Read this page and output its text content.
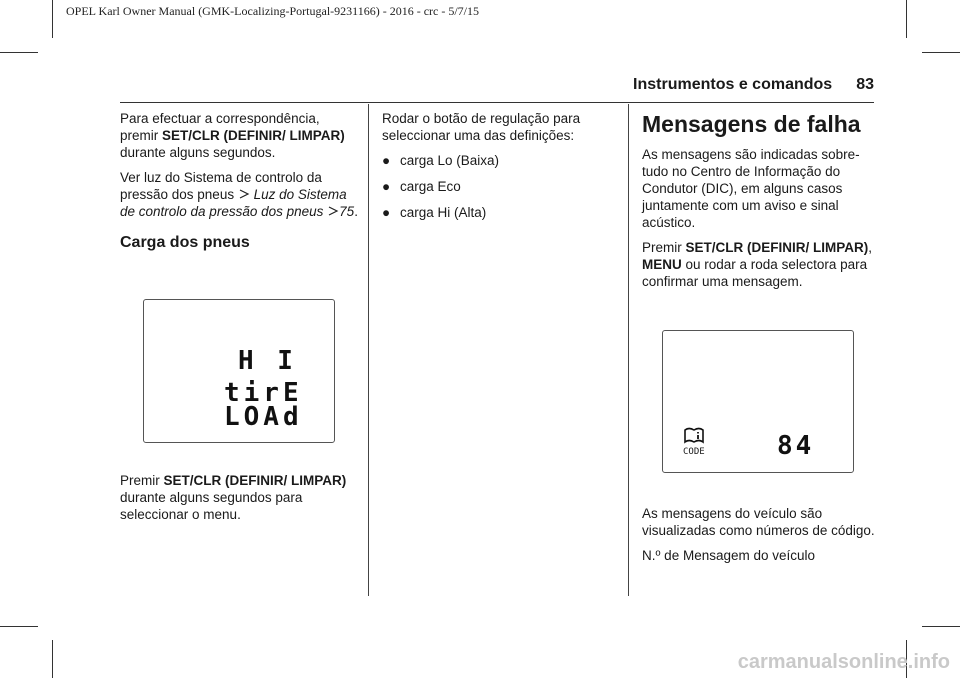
OPEL Karl Owner Manual (GMK-Localizing-Portugal-9231166) - 2016 - crc - 5/7/15
Instrumentos e comandos 83

Para efectuar a correspondência, premir SET/CLR (DEFINIR/ LIMPAR) durante alguns segundos.

Ver luz do Sistema de controlo da pressão dos pneus  Luz do Sistema de controlo da pressão dos pneus 75.

Carga dos pneus
H I
tirE
LOAd

Premir SET/CLR (DEFINIR/ LIMPAR) durante alguns segundos para seleccionar o menu.

Rodar o botão de regulação para seleccionar uma das definições:

● carga Lo (Baixa)
● carga Eco
● carga Hi (Alta)
Mensagens de falha

As mensagens são indicadas sobre-tudo no Centro de Informação do Condutor (DIC), em alguns casos juntamente com um aviso e sinal acústico.

Premir SET/CLR (DEFINIR/ LIMPAR), MENU ou rodar a roda selectora para confirmar uma mensagem.

CODE	84

As mensagens do veículo são visualizadas como números de código.

N.º de Mensagem do veículo

carmanualsonline.info
